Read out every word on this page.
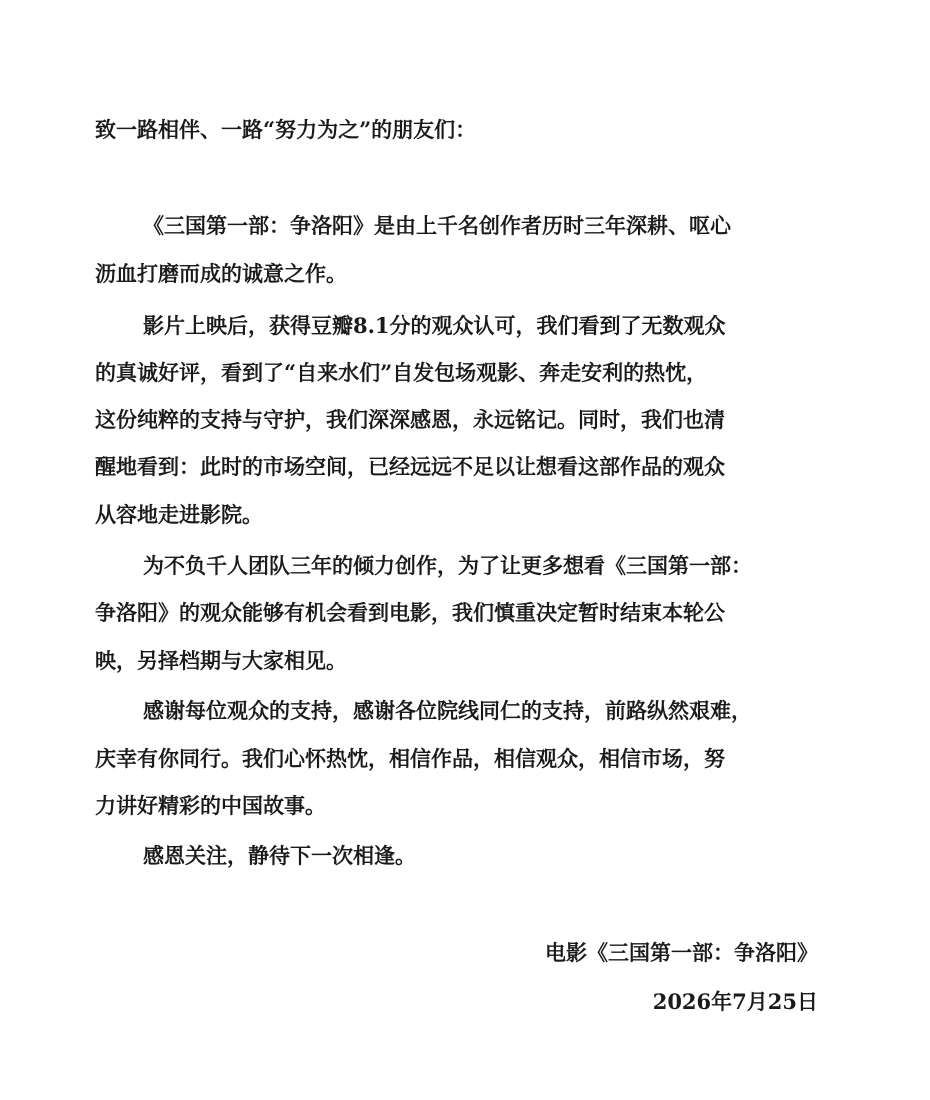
致一路相伴、一路“努力为之”的朋友们：
《三国第一部：争洛阳》是由上千名创作者历时三年深耕、呕心
沥血打磨而成的诚意之作。
影片上映后，获得豆瓣8.1分的观众认可，我们看到了无数观众
的真诚好评，看到了“自来水们”自发包场观影、奔走安利的热忱，
这份纯粹的支持与守护，我们深深感恩，永远铭记。同时，我们也清
醒地看到：此时的市场空间，已经远远不足以让想看这部作品的观众
从容地走进影院。
为不负千人团队三年的倾力创作，为了让更多想看《三国第一部：
争洛阳》的观众能够有机会看到电影，我们慎重决定暂时结束本轮公
映，另择档期与大家相见。
感谢每位观众的支持，感谢各位院线同仁的支持，前路纵然艰难，
庆幸有你同行。我们心怀热忱，相信作品，相信观众，相信市场，努
力讲好精彩的中国故事。
感恩关注，静待下一次相逢。
电影《三国第一部：争洛阳》
2026年7月25日
